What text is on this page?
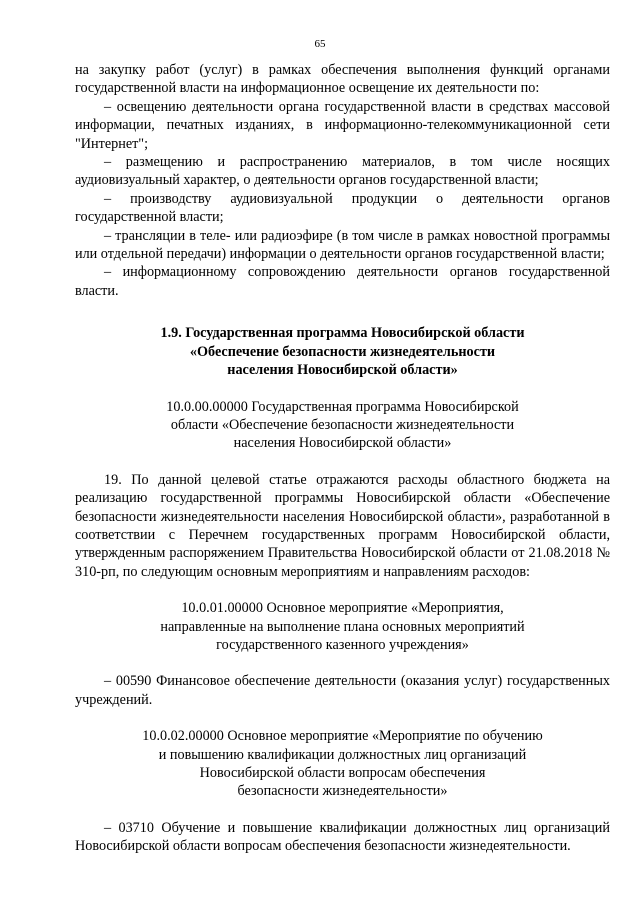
65

на закупку работ (услуг) в рамках обеспечения выполнения функций органами государственной власти на информационное освещение их деятельности по:

– освещению деятельности органа государственной власти в средствах массовой информации, печатных изданиях, в информационно-телекоммуникационной сети "Интернет";

– размещению и распространению материалов, в том числе носящих аудиовизуальный характер, о деятельности органов государственной власти;

– производству аудиовизуальной продукции о деятельности органов государственной власти;

– трансляции в теле- или радиоэфире (в том числе в рамках новостной программы или отдельной передачи) информации о деятельности органов государственной власти;

– информационному сопровождению деятельности органов государственной власти.

1.9. Государственная программа Новосибирской области
«Обеспечение безопасности жизнедеятельности
населения Новосибирской области»
10.0.00.00000 Государственная программа Новосибирской
области «Обеспечение безопасности жизнедеятельности
населения Новосибирской области»

19. По данной целевой статье отражаются расходы областного бюджета на реализацию государственной программы Новосибирской области «Обеспечение безопасности жизнедеятельности населения Новосибирской области», разработанной в соответствии с Перечнем государственных программ Новосибирской области, утвержденным распоряжением Правительства Новосибирской области от 21.08.2018 № 310-рп, по следующим основным мероприятиям и направлениям расходов:

10.0.01.00000 Основное мероприятие «Мероприятия,
направленные на выполнение плана основных мероприятий
государственного казенного учреждения»

– 00590 Финансовое обеспечение деятельности (оказания услуг) государственных учреждений.

10.0.02.00000 Основное мероприятие «Мероприятие по обучению
и повышению квалификации должностных лиц организаций
Новосибирской области вопросам обеспечения
безопасности жизнедеятельности»

– 03710 Обучение и повышение квалификации должностных лиц организаций Новосибирской области вопросам обеспечения безопасности жизнедеятельности.
